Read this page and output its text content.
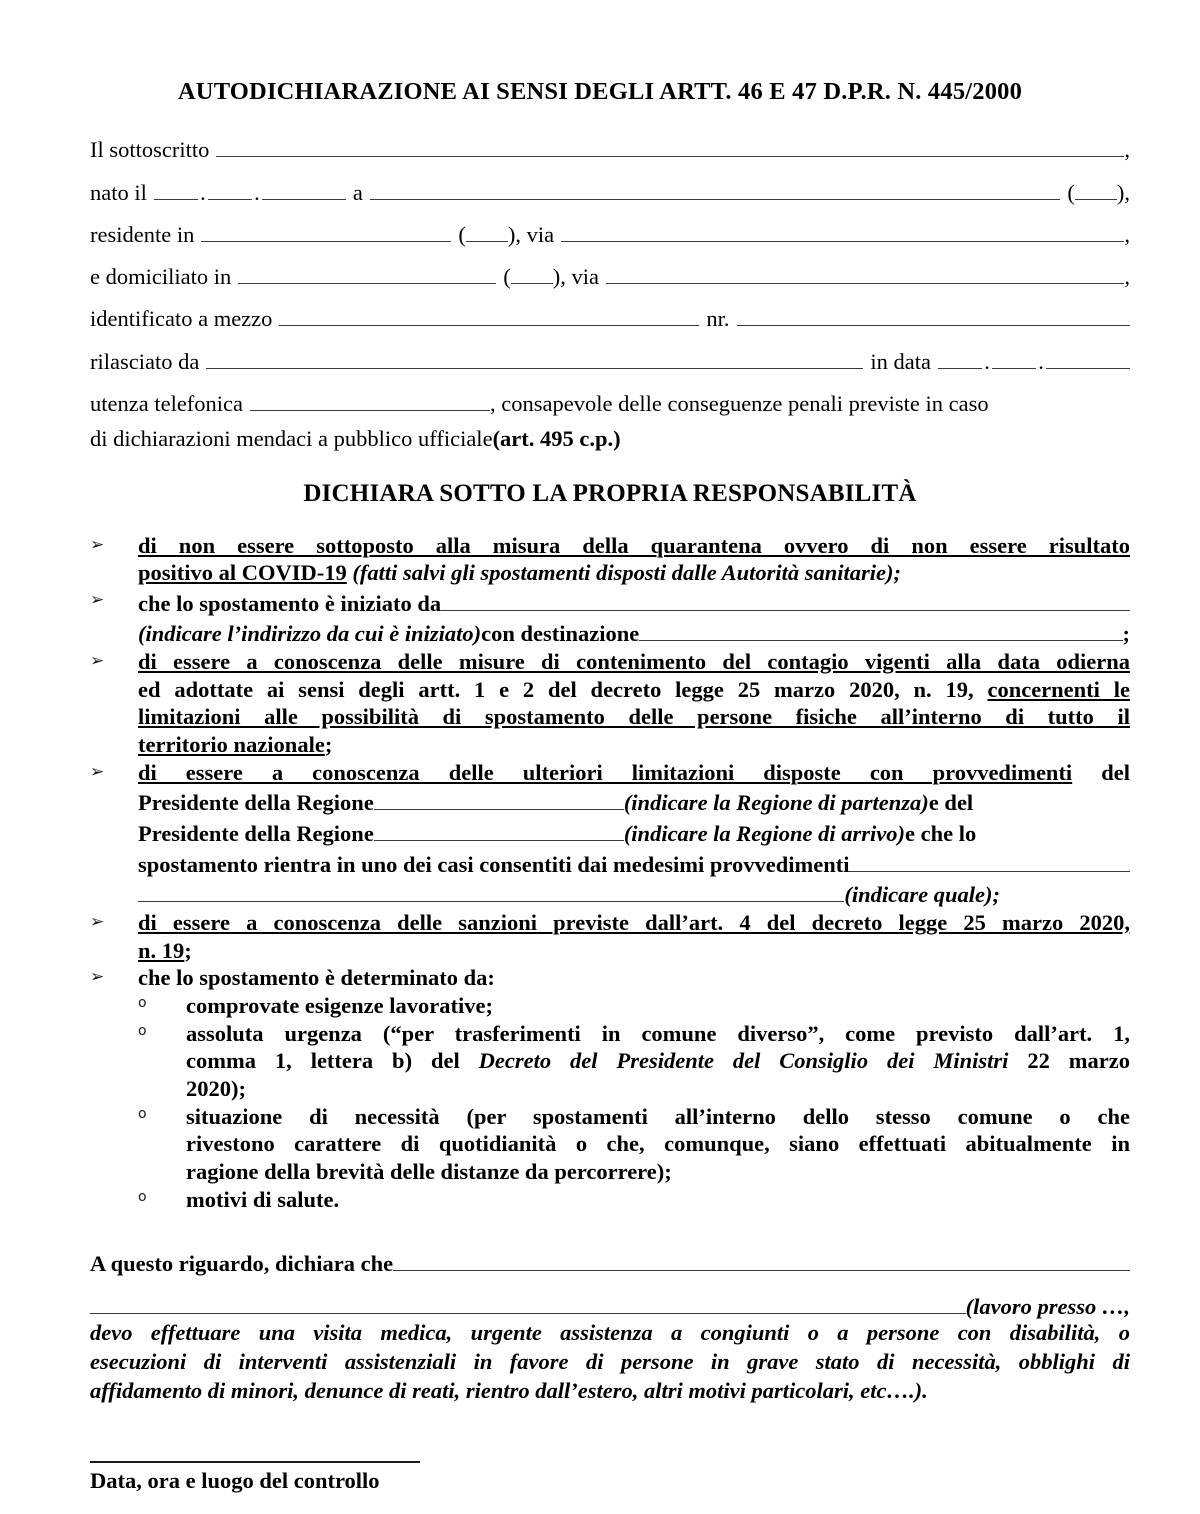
AUTODICHIARAZIONE AI SENSI DEGLI ARTT. 46 E 47 D.P.R. N. 445/2000
Il sottoscritto	,
nato il . .	a	( ),
residente in	( ), via	,
e domiciliato in	( ), via	,
identificato a mezzo	nr.
rilasciato da	in data . .
utenza telefonica	, consapevole delle conseguenze penali previste in caso
di dichiarazioni mendaci a pubblico ufficiale (art. 495 c.p.)
DICHIARA SOTTO LA PROPRIA RESPONSABILITÀ
➢	di non essere sottoposto alla misura della quarantena ovvero di non essere risultato
positivo al COVID-19 (fatti salvi gli spostamenti disposti dalle Autorità sanitarie);
➢	che lo spostamento è iniziato da
(indicare l’indirizzo da cui è iniziato) con destinazione	;
➢	di essere a conoscenza delle misure di contenimento del contagio vigenti alla data odierna
ed adottate ai sensi degli artt. 1 e 2 del decreto legge 25 marzo 2020, n. 19, concernenti le
limitazioni alle possibilità di spostamento delle persone fisiche all’interno di tutto il
territorio nazionale;
➢	di essere a conoscenza delle ulteriori limitazioni disposte con provvedimenti del
Presidente della Regione	(indicare la Regione di partenza) e del
Presidente della Regione	(indicare la Regione di arrivo) e che lo
spostamento rientra in uno dei casi consentiti dai medesimi provvedimenti
(indicare quale);
➢	di essere a conoscenza delle sanzioni previste dall’art. 4 del decreto legge 25 marzo 2020,
n. 19;
➢	che lo spostamento è determinato da:
o	comprovate esigenze lavorative;
o	assoluta urgenza (“per trasferimenti in comune diverso”, come previsto dall’art. 1,
comma 1, lettera b) del Decreto del Presidente del Consiglio dei Ministri 22 marzo
2020);
o	situazione di necessità (per spostamenti all’interno dello stesso comune o che
rivestono carattere di quotidianità o che, comunque, siano effettuati abitualmente in
ragione della brevità delle distanze da percorrere);
o	motivi di salute.
A questo riguardo, dichiara che
(lavoro presso …,
devo effettuare una visita medica, urgente assistenza a congiunti o a persone con disabilità, o
esecuzioni di interventi assistenziali in favore di persone in grave stato di necessità, obblighi di
affidamento di minori, denunce di reati, rientro dall’estero, altri motivi particolari, etc….).
Data, ora e luogo del controllo
